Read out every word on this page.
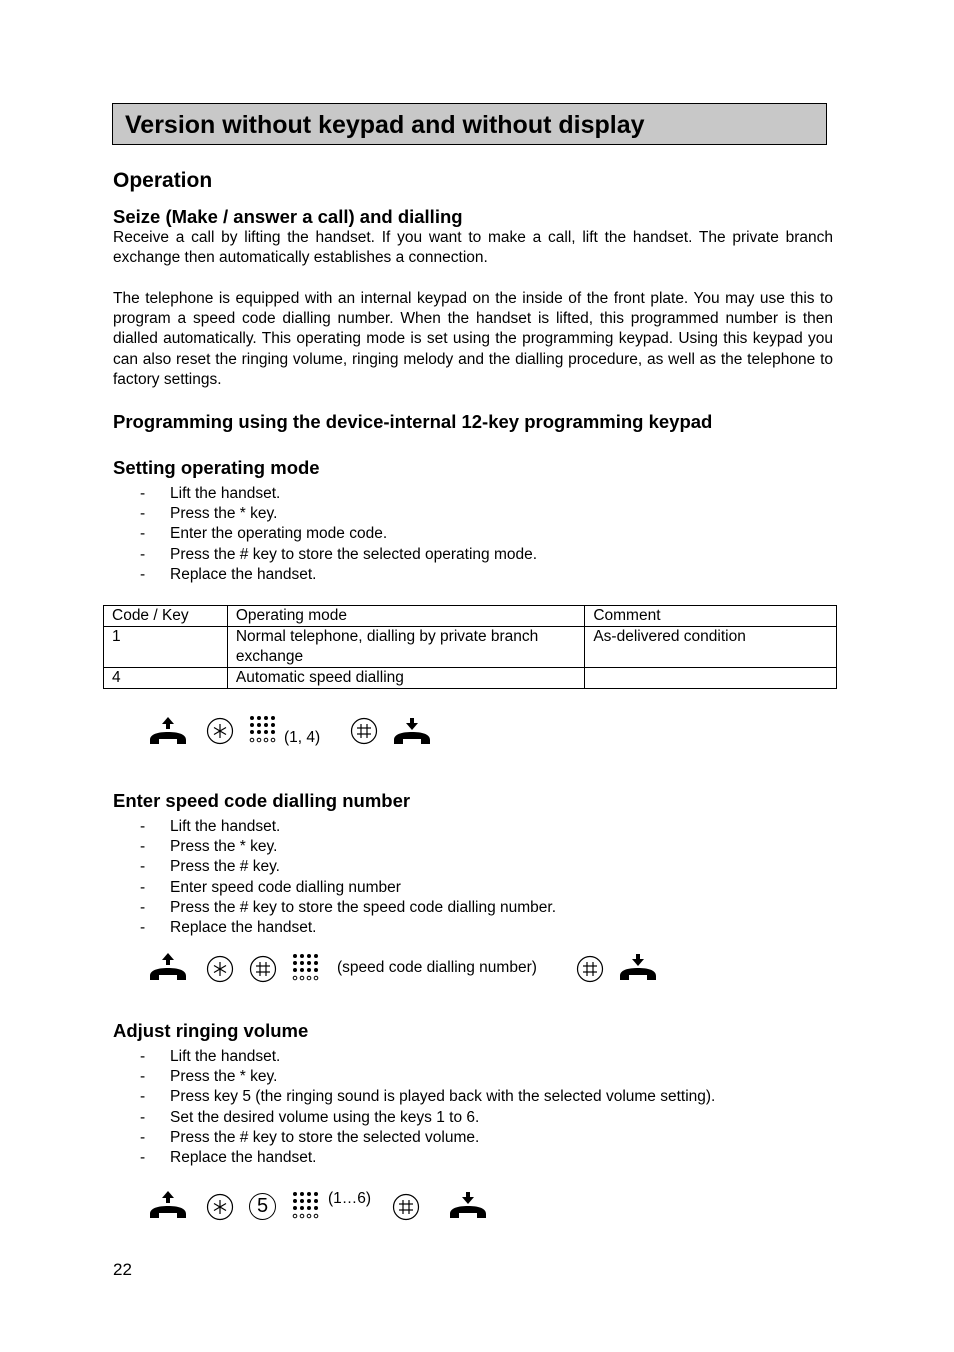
Version without keypad and without display
Operation
Seize (Make / answer a call) and dialling

Receive a call by lifting the handset. If you want to make a call, lift the handset. The private branch exchange then automatically establishes a connection.

The telephone is equipped with an internal keypad on the inside of the front plate. You may use this to program a speed code dialling number. When the handset is lifted, this programmed number is then dialled automatically. This operating mode is set using the programming keypad. Using this keypad you can also reset the ringing volume, ringing melody and the dialling procedure, as well as the telephone to factory settings.

Programming using the device-internal 12-key programming keypad
Setting operating mode
- Lift the handset.
- Press the * key.
- Enter the operating mode code.
- Press the # key to store the selected operating mode.
- Replace the handset.
Code / Key	Operating mode	Comment
1	Normal telephone, dialling by private branch exchange	As-delivered condition
4	Automatic speed dialling	
(1, 4)
Enter speed code dialling number
- Lift the handset.
- Press the * key.
- Press the # key.
- Enter speed code dialling number
- Press the # key to store the speed code dialling number.
- Replace the handset.
(speed code dialling number)
Adjust ringing volume
- Lift the handset.
- Press the * key.
- Press key 5 (the ringing sound is played back with the selected volume setting).
- Set the desired volume using the keys 1 to 6.
- Press the # key to store the selected volume.
- Replace the handset.
5	(1…6)
22
